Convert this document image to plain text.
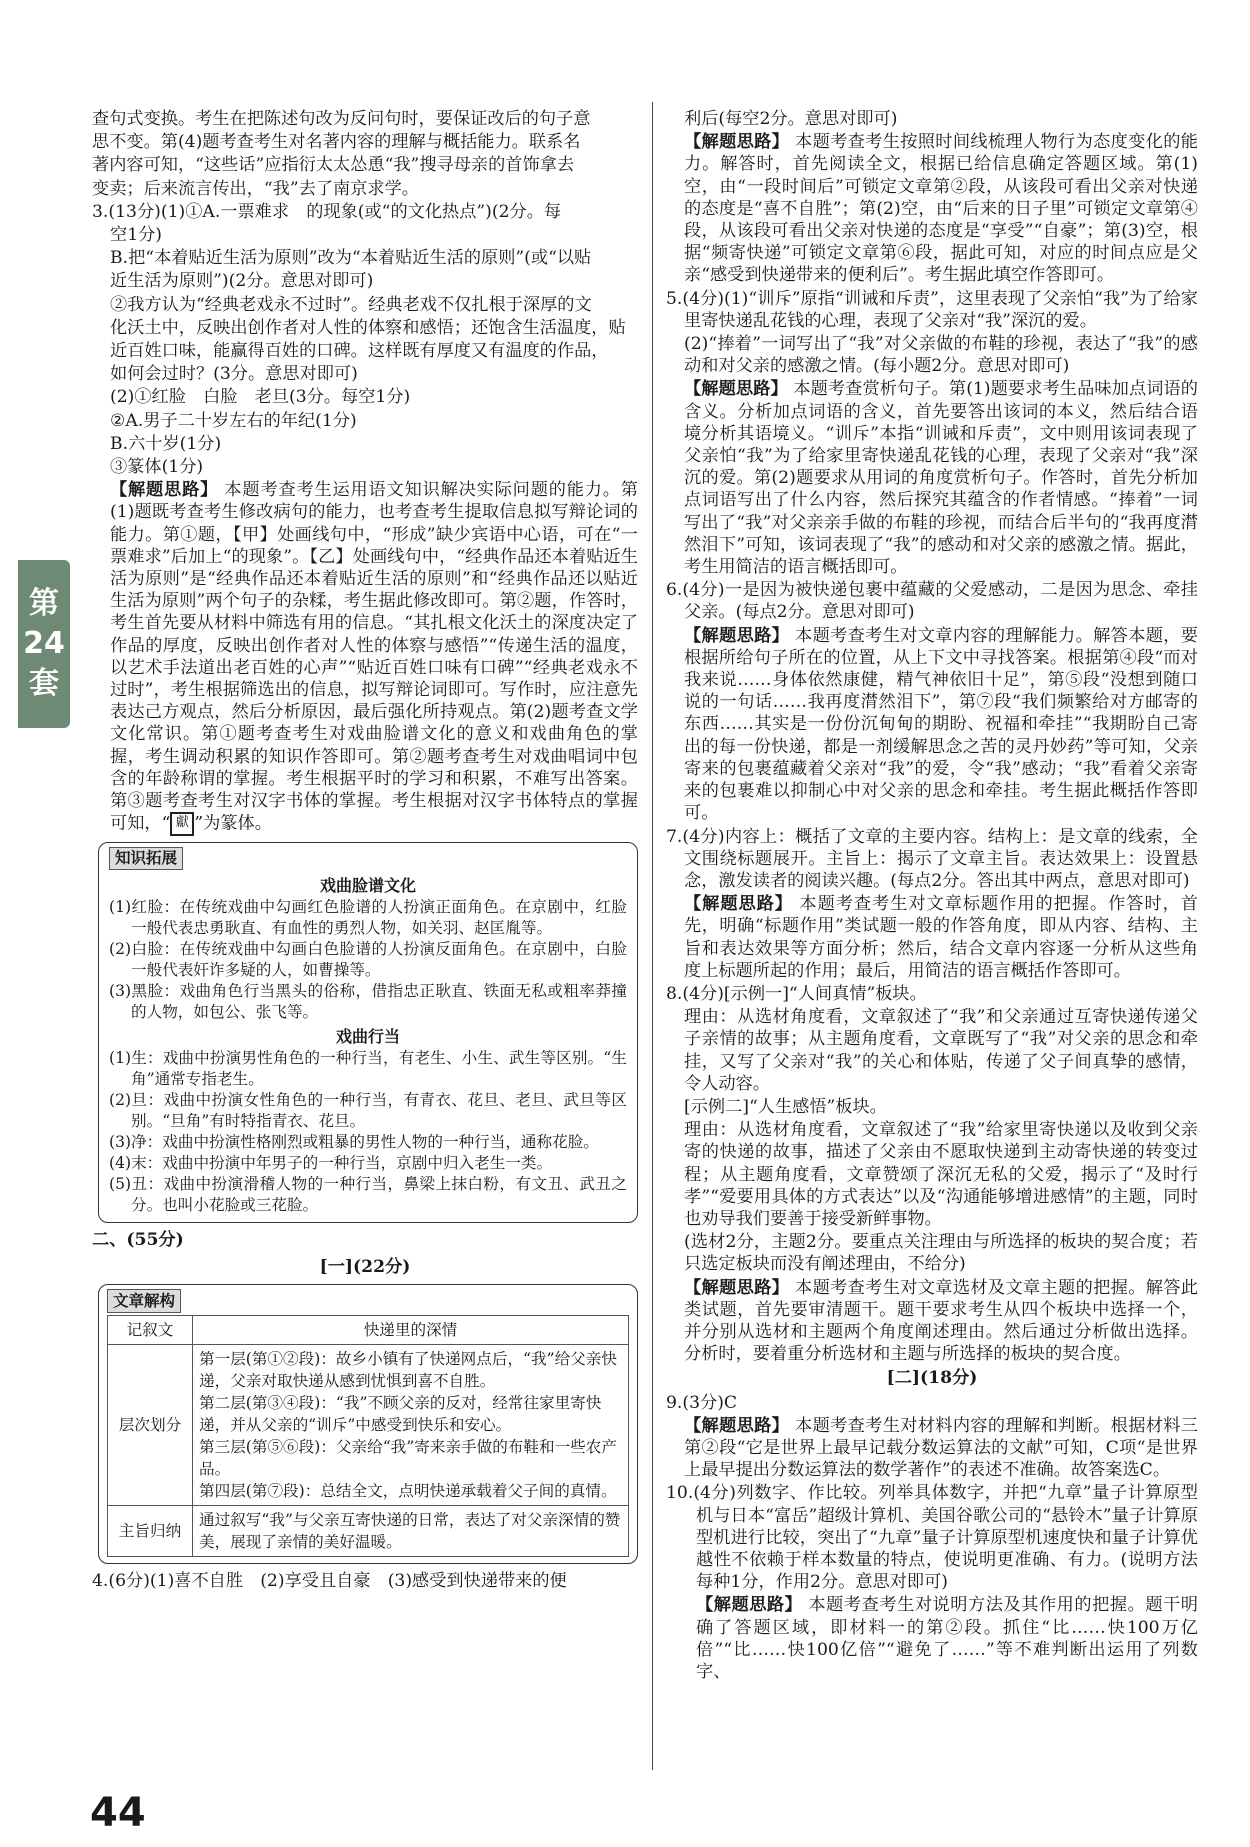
第
24
套

查句式变换。考生在把陈述句改为反问句时，要保证改后的句子意

思不变。第(4)题考查考生对名著内容的理解与概括能力。联系名

著内容可知，“这些话”应指衍太太怂恿“我”搜寻母亲的首饰拿去

变卖；后来流言传出，“我”去了南京求学。

3.(13分)(1)①A.一票难求　的现象(或“的文化热点”)(2分。每

空1分)

B.把“本着贴近生活为原则”改为“本着贴近生活的原则”(或“以贴

近生活为原则”)(2分。意思对即可)

②我方认为“经典老戏永不过时”。经典老戏不仅扎根于深厚的文

化沃土中，反映出创作者对人性的体察和感悟；还饱含生活温度，贴

近百姓口味，能赢得百姓的口碑。这样既有厚度又有温度的作品，

如何会过时？(3分。意思对即可)

(2)①红脸　白脸　老旦(3分。每空1分)

②A.男子二十岁左右的年纪(1分)

B.六十岁(1分)

③篆体(1分)

【解题思路】 本题考查考生运用语文知识解决实际问题的能力。第(1)题既考查考生修改病句的能力，也考查考生提取信息拟写辩论词的能力。第①题，【甲】处画线句中，“形成”缺少宾语中心语，可在“一票难求”后加上“的现象”。【乙】处画线句中，“经典作品还本着贴近生活为原则”是“经典作品还本着贴近生活的原则”和“经典作品还以贴近生活为原则”两个句子的杂糅，考生据此修改即可。第②题，作答时，考生首先要从材料中筛选有用的信息。“其扎根文化沃土的深度决定了作品的厚度，反映出创作者对人性的体察与感悟”“传递生活的温度，以艺术手法道出老百姓的心声”“贴近百姓口味有口碑”“经典老戏永不过时”，考生根据筛选出的信息，拟写辩论词即可。写作时，应注意先表达己方观点，然后分析原因，最后强化所持观点。第(2)题考查文学文化常识。第①题考查考生对戏曲脸谱文化的意义和戏曲角色的掌握，考生调动积累的知识作答即可。第②题考查考生对戏曲唱词中包含的年龄称谓的掌握。考生根据平时的学习和积累，不难写出答案。第③题考查考生对汉字书体的掌握。考生根据对汉字书体特点的掌握可知，“ 獻 ”为篆体。

知识拓展
戏曲脸谱文化
(1)红脸：在传统戏曲中勾画红色脸谱的人扮演正面角色。在京剧中，红脸一般代表忠勇耿直、有血性的勇烈人物，如关羽、赵匡胤等。
(2)白脸：在传统戏曲中勾画白色脸谱的人扮演反面角色。在京剧中，白脸一般代表奸诈多疑的人，如曹操等。
(3)黑脸：戏曲角色行当黑头的俗称，借指忠正耿直、铁面无私或粗率莽撞的人物，如包公、张飞等。
戏曲行当
(1)生：戏曲中扮演男性角色的一种行当，有老生、小生、武生等区别。“生角”通常专指老生。
(2)旦：戏曲中扮演女性角色的一种行当，有青衣、花旦、老旦、武旦等区别。“旦角”有时特指青衣、花旦。
(3)净：戏曲中扮演性格刚烈或粗暴的男性人物的一种行当，通称花脸。
(4)末：戏曲中扮演中年男子的一种行当，京剧中归入老生一类。
(5)丑：戏曲中扮演滑稽人物的一种行当，鼻梁上抹白粉，有文丑、武丑之分。也叫小花脸或三花脸。

二、(55分)

[一](22分)

文章解构
记叙文	快递里的深情
层次划分	第一层(第①②段)：故乡小镇有了快递网点后，“我”给父亲快递，父亲对取快递从感到忧惧到喜不自胜。
第二层(第③④段)：“我”不顾父亲的反对，经常往家里寄快递，并从父亲的“训斥”中感受到快乐和安心。
第三层(第⑤⑥段)：父亲给“我”寄来亲手做的布鞋和一些农产品。
第四层(第⑦段)：总结全文，点明快递承载着父子间的真情。

主旨归纳	通过叙写“我”与父亲互寄快递的日常，表达了对父亲深情的赞美，展现了亲情的美好温暖。

4.(6分)(1)喜不自胜　(2)享受且自豪　(3)感受到快递带来的便

利后(每空2分。意思对即可)

【解题思路】 本题考查考生按照时间线梳理人物行为态度变化的能力。解答时，首先阅读全文，根据已给信息确定答题区域。第(1)空，由“一段时间后”可锁定文章第②段，从该段可看出父亲对快递的态度是“喜不自胜”；第(2)空，由“后来的日子里”可锁定文章第④段，从该段可看出父亲对快递的态度是“享受”“自豪”；第(3)空，根据“频寄快递”可锁定文章第⑥段，据此可知，对应的时间点应是父亲“感受到快递带来的便利后”。考生据此填空作答即可。

5.(4分)(1)“训斥”原指“训诫和斥责”，这里表现了父亲怕“我”为了给家里寄快递乱花钱的心理，表现了父亲对“我”深沉的爱。

(2)“捧着”一词写出了“我”对父亲做的布鞋的珍视，表达了“我”的感动和对父亲的感激之情。(每小题2分。意思对即可)

【解题思路】 本题考查赏析句子。第(1)题要求考生品味加点词语的含义。分析加点词语的含义，首先要答出该词的本义，然后结合语境分析其语境义。“训斥”本指“训诫和斥责”，文中则用该词表现了父亲怕“我”为了给家里寄快递乱花钱的心理，表现了父亲对“我”深沉的爱。第(2)题要求从用词的角度赏析句子。作答时，首先分析加点词语写出了什么内容，然后探究其蕴含的作者情感。“捧着”一词写出了“我”对父亲亲手做的布鞋的珍视，而结合后半句的“我再度潸然泪下”可知，该词表现了“我”的感动和对父亲的感激之情。据此，考生用简洁的语言概括即可。

6.(4分)一是因为被快递包裹中蕴藏的父爱感动，二是因为思念、牵挂父亲。(每点2分。意思对即可)

【解题思路】 本题考查考生对文章内容的理解能力。解答本题，要根据所给句子所在的位置，从上下文中寻找答案。根据第④段“而对我来说……身体依然康健，精气神依旧十足”，第⑤段“没想到随口说的一句话……我再度潸然泪下”，第⑦段“我们频繁给对方邮寄的东西……其实是一份份沉甸甸的期盼、祝福和牵挂”“我期盼自己寄出的每一份快递，都是一剂缓解思念之苦的灵丹妙药”等可知，父亲寄来的包裹蕴藏着父亲对“我”的爱，令“我”感动；“我”看着父亲寄来的包裹难以抑制心中对父亲的思念和牵挂。考生据此概括作答即可。

7.(4分)内容上：概括了文章的主要内容。结构上：是文章的线索，全文围绕标题展开。主旨上：揭示了文章主旨。表达效果上：设置悬念，激发读者的阅读兴趣。(每点2分。答出其中两点，意思对即可)

【解题思路】 本题考查考生对文章标题作用的把握。作答时，首先，明确“标题作用”类试题一般的作答角度，即从内容、结构、主旨和表达效果等方面分析；然后，结合文章内容逐一分析从这些角度上标题所起的作用；最后，用简洁的语言概括作答即可。

8.(4分)[示例一]“人间真情”板块。

理由：从选材角度看，文章叙述了“我”和父亲通过互寄快递传递父子亲情的故事；从主题角度看，文章既写了“我”对父亲的思念和牵挂，又写了父亲对“我”的关心和体贴，传递了父子间真挚的感情，令人动容。

[示例二]“人生感悟”板块。

理由：从选材角度看，文章叙述了“我”给家里寄快递以及收到父亲寄的快递的故事，描述了父亲由不愿取快递到主动寄快递的转变过程；从主题角度看，文章赞颂了深沉无私的父爱，揭示了“及时行孝”“爱要用具体的方式表达”以及“沟通能够增进感情”的主题，同时也劝导我们要善于接受新鲜事物。

(选材2分，主题2分。要重点关注理由与所选择的板块的契合度；若只选定板块而没有阐述理由，不给分)

【解题思路】 本题考查考生对文章选材及文章主题的把握。解答此类试题，首先要审清题干。题干要求考生从四个板块中选择一个，并分别从选材和主题两个角度阐述理由。然后通过分析做出选择。分析时，要着重分析选材和主题与所选择的板块的契合度。

[二](18分)

9.(3分)C

【解题思路】 本题考查考生对材料内容的理解和判断。根据材料三第②段“它是世界上最早记载分数运算法的文献”可知，C项“是世界上最早提出分数运算法的数学著作”的表述不准确。故答案选C。

10.(4分)列数字、作比较。列举具体数字，并把“九章”量子计算原型机与日本“富岳”超级计算机、美国谷歌公司的“悬铃木”量子计算原型机进行比较，突出了“九章”量子计算原型机速度快和量子计算优越性不依赖于样本数量的特点，使说明更准确、有力。(说明方法每种1分，作用2分。意思对即可)

【解题思路】 本题考查考生对说明方法及其作用的把握。题干明确了答题区域，即材料一的第②段。抓住“比……快100万亿倍”“比……快100亿倍”“避免了……”等不难判断出运用了列数字、

44
